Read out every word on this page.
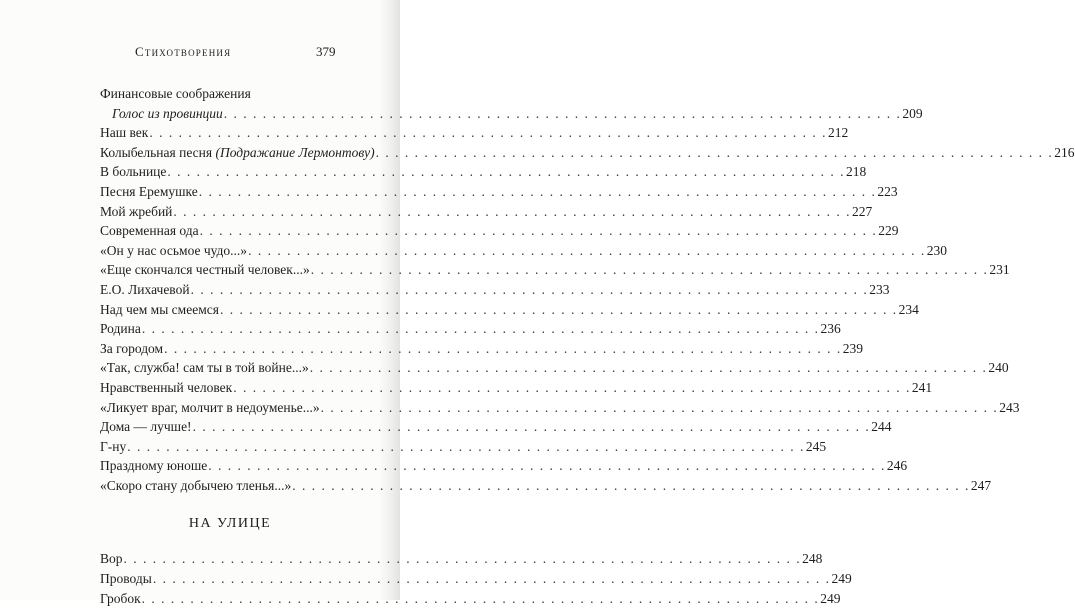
Стихотворения	379
Финансовые соображения
Голос из провинции . . .	209
Наш век . . .	212
Колыбельная песня (Подражание Лермонтову) . . .	216
В больнице . . .	218
Песня Еремушке . . .	223
Мой жребий . . .	227
Современная ода . . .	229
«Он у нас осьмое чудо...» . . .	230
«Еще скончался честный человек...» . . .	231
Е.О. Лихачевой . . .	233
Над чем мы смеемся . . .	234
Родина . . .	236
За городом . . .	239
«Так, служба! сам ты в той войне...» . . .	240
Нравственный человек . . .	241
«Ликует враг, молчит в недоуменье...» . . .	243
Дома — лучше! . . .	244
Г-ну . . .	245
Праздному юноше . . .	246
«Скоро стану добычею тленья...» . . .	247
НА УЛИЦЕ
Вор . . .	248
Проводы . . .	249
Гробок . . .	249
